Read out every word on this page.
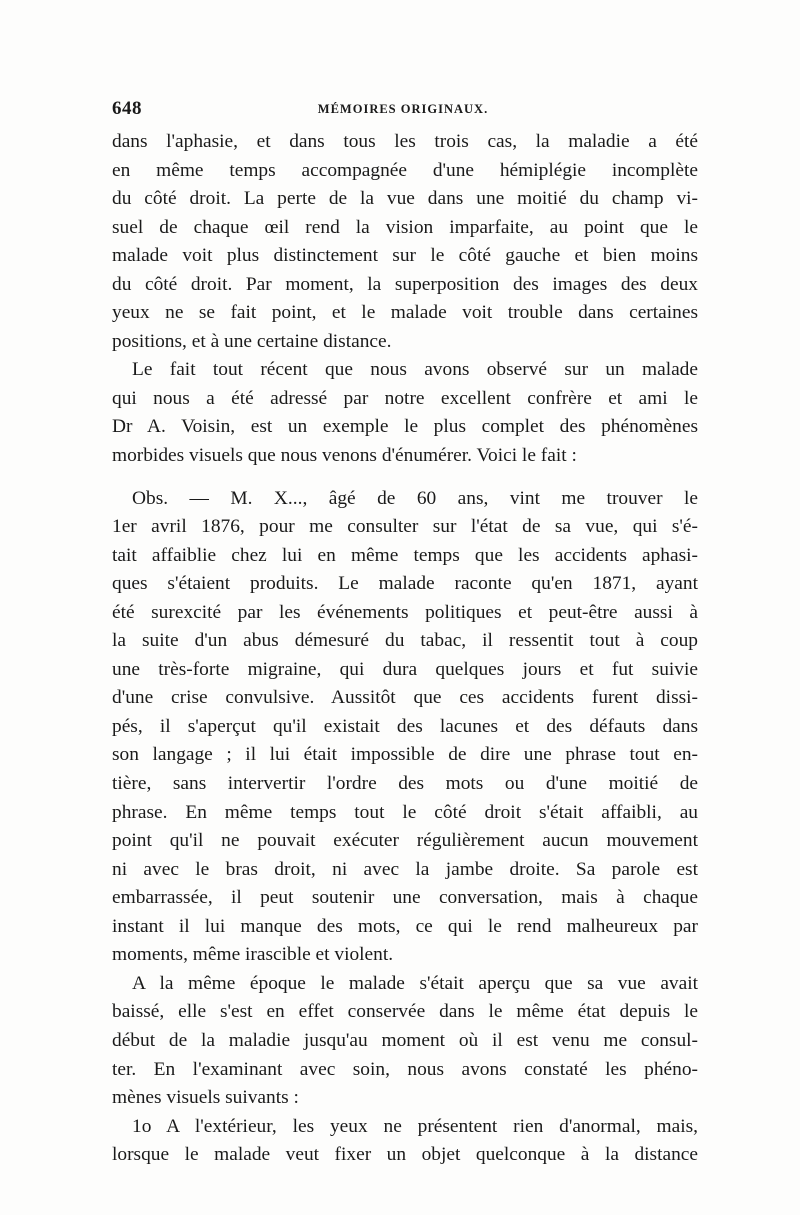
648	MÉMOIRES ORIGINAUX.
dans l'aphasie, et dans tous les trois cas, la maladie a été
en même temps accompagnée d'une hémiplégie incomplète
du côté droit. La perte de la vue dans une moitié du champ vi-
suel de chaque œil rend la vision imparfaite, au point que le
malade voit plus distinctement sur le côté gauche et bien moins
du côté droit. Par moment, la superposition des images des deux
yeux ne se fait point, et le malade voit trouble dans certaines
positions, et à une certaine distance.
Le fait tout récent que nous avons observé sur un malade
qui nous a été adressé par notre excellent confrère et ami le
Dr A. Voisin, est un exemple le plus complet des phénomènes
morbides visuels que nous venons d'énumérer. Voici le fait :
Obs. — M. X..., âgé de 60 ans, vint me trouver le
1er avril 1876, pour me consulter sur l'état de sa vue, qui s'é-
tait affaiblie chez lui en même temps que les accidents aphasi-
ques s'étaient produits. Le malade raconte qu'en 1871, ayant
été surexcité par les événements politiques et peut-être aussi à
la suite d'un abus démesuré du tabac, il ressentit tout à coup
une très-forte migraine, qui dura quelques jours et fut suivie
d'une crise convulsive. Aussitôt que ces accidents furent dissi-
pés, il s'aperçut qu'il existait des lacunes et des défauts dans
son langage ; il lui était impossible de dire une phrase tout en-
tière, sans intervertir l'ordre des mots ou d'une moitié de
phrase. En même temps tout le côté droit s'était affaibli, au
point qu'il ne pouvait exécuter régulièrement aucun mouvement
ni avec le bras droit, ni avec la jambe droite. Sa parole est
embarrassée, il peut soutenir une conversation, mais à chaque
instant il lui manque des mots, ce qui le rend malheureux par
moments, même irascible et violent.
A la même époque le malade s'était aperçu que sa vue avait
baissé, elle s'est en effet conservée dans le même état depuis le
début de la maladie jusqu'au moment où il est venu me consul-
ter. En l'examinant avec soin, nous avons constaté les phéno-
mènes visuels suivants :
1o A l'extérieur, les yeux ne présentent rien d'anormal, mais,
lorsque le malade veut fixer un objet quelconque à la distance
